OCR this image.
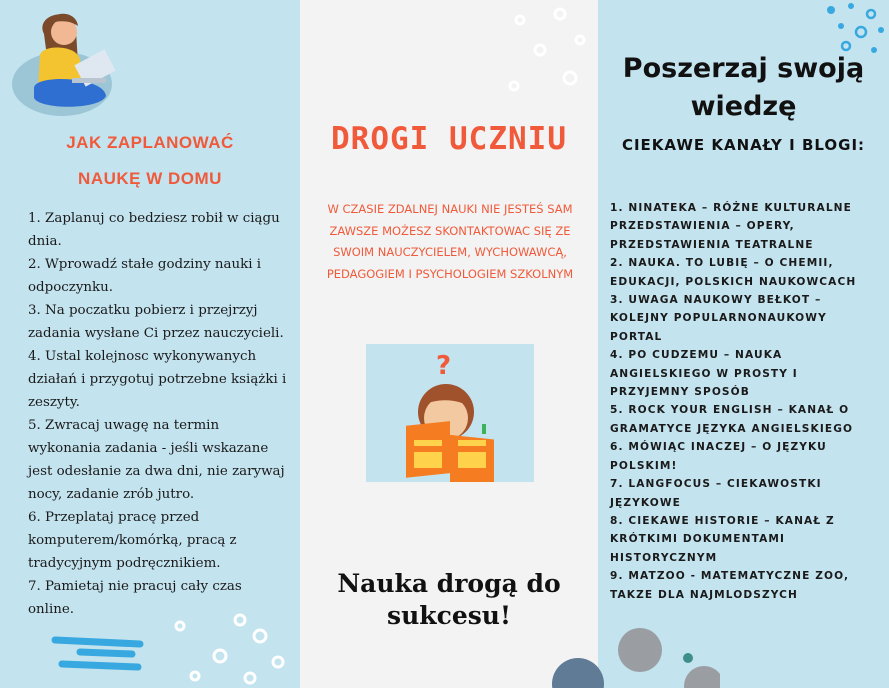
JAK ZAPLANOWAĆ
NAUKĘ W DOMU
1. Zaplanuj co bedziesz robił w ciągu dnia.
2. Wprowadź stałe godziny nauki i odpoczynku.
3. Na poczatku pobierz i przejrzyj zadania wysłane Ci przez nauczycieli.
4. Ustal kolejnosc wykonywanych działań i przygotuj potrzebne książki i zeszyty.
5. Zwracaj uwagę na termin wykonania zadania - jeśli wskazane jest odesłanie za dwa dni, nie zarywaj nocy, zadanie zrób jutro.
6. Przeplataj pracę przed komputerem/komórką, pracą z tradycyjnym podręcznikiem.
7. Pamietaj nie pracuj cały czas online.
DROGI UCZNIU

W CZASIE ZDALNEJ NAUKI NIE JESTEŚ SAM ZAWSZE MOŻESZ SKONTAKTOWAC SIĘ ZE SWOIM NAUCZYCIELEM, WYCHOWAWCĄ, PEDAGOGIEM I PSYCHOLOGIEM SZKOLNYM

?

Nauka drogą do
sukcesu!

Poszerzaj swoją
wiedzę
CIEKAWE KANAŁY I BLOGI:
1. NINATEKA – RÓŻNE KULTURALNE PRZEDSTAWIENIA – OPERY, PRZEDSTAWIENIA TEATRALNE
2. NAUKA. TO LUBIĘ – O CHEMII, EDUKACJI, POLSKICH NAUKOWCACH
3. UWAGA NAUKOWY BEŁKOT – KOLEJNY POPULARNONAUKOWY PORTAL
4. PO CUDZEMU – NAUKA ANGIELSKIEGO W PROSTY I PRZYJEMNY SPOSÓB
5. ROCK YOUR ENGLISH – KANAŁ O GRAMATYCE JĘZYKA ANGIELSKIEGO
6. MÓWIĄC INACZEJ – O JĘZYKU POLSKIM!
7. LANGFOCUS – CIEKAWOSTKI JĘZYKOWE
8. CIEKAWE HISTORIE – KANAŁ Z KRÓTKIMI DOKUMENTAMI HISTORYCZNYM
9. MATZOO - MATEMATYCZNE ZOO, TAKZE DLA NAJMLODSZYCH
